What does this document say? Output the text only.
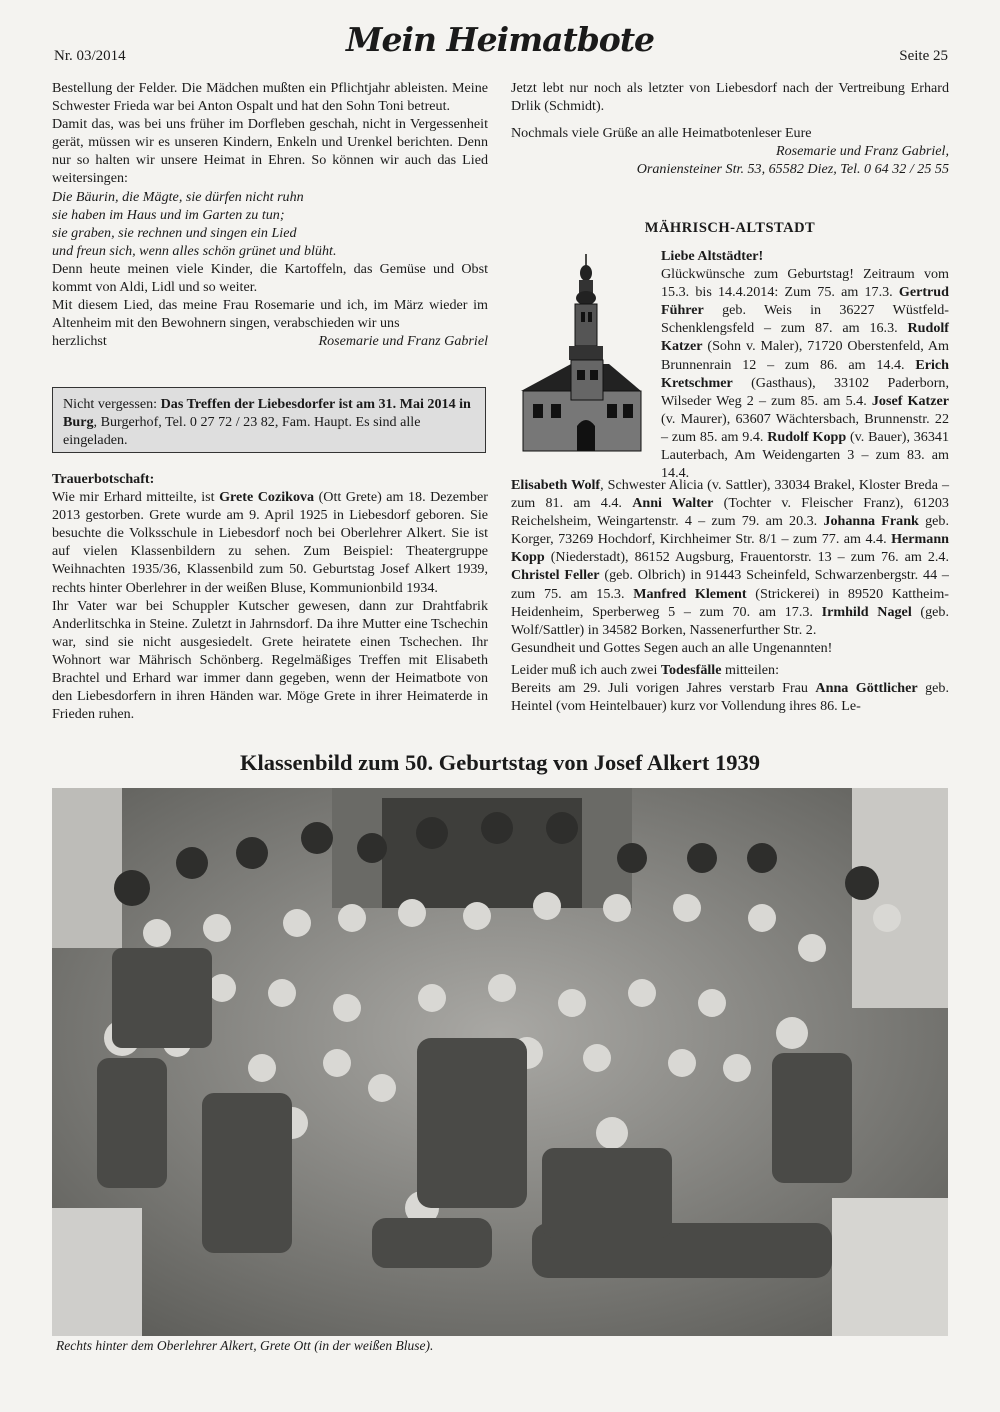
Nr. 03/2014	Mein Heimatbote	Seite 25

Bestellung der Felder. Die Mädchen mußten ein Pflichtjahr ableisten. Meine Schwester Frieda war bei Anton Ospalt und hat den Sohn Toni betreut.

Damit das, was bei uns früher im Dorfleben geschah, nicht in Vergessenheit gerät, müssen wir es unseren Kindern, Enkeln und Urenkel berichten. Denn nur so halten wir unsere Heimat in Ehren. So können wir auch das Lied weitersingen:

Die Bäurin, die Mägte, sie dürfen nicht ruhn

sie haben im Haus und im Garten zu tun;

sie graben, sie rechnen und singen ein Lied

und freun sich, wenn alles schön grünet und blüht.

Denn heute meinen viele Kinder, die Kartoffeln, das Gemüse und Obst kommt von Aldi, Lidl und so weiter.

Mit diesem Lied, das meine Frau Rosemarie und ich, im März wieder im Altenheim mit den Bewohnern singen, verabschieden wir uns

herzlichst	Rosemarie und Franz Gabriel
Nicht vergessen: Das Treffen der Liebesdorfer ist am 31. Mai 2014 in Burg, Burgerhof, Tel. 0 27 72 / 23 82, Fam. Haupt. Es sind alle eingeladen.

Trauerbotschaft:

Wie mir Erhard mitteilte, ist Grete Cozikova (Ott Grete) am 18. Dezember 2013 gestorben. Grete wurde am 9. April 1925 in Liebesdorf geboren. Sie besuchte die Volksschule in Liebesdorf noch bei Oberlehrer Alkert. Sie ist auf vielen Klassenbildern zu sehen. Zum Beispiel: Theatergruppe Weihnachten 1935/36, Klassenbild zum 50. Geburtstag Josef Alkert 1939, rechts hinter Oberlehrer in der weißen Bluse, Kommunionbild 1934.

Ihr Vater war bei Schuppler Kutscher gewesen, dann zur Drahtfabrik Anderlitschka in Steine. Zuletzt in Jahrnsdorf. Da ihre Mutter eine Tschechin war, sind sie nicht ausgesiedelt. Grete heiratete einen Tschechen. Ihr Wohnort war Mährisch Schönberg. Regelmäßiges Treffen mit Elisabeth Brachtel und Erhard war immer dann gegeben, wenn der Heimatbote von den Liebesdorfern in ihren Händen war. Möge Grete in ihrer Heimaterde in Frieden ruhen.

Jetzt lebt nur noch als letzter von Liebesdorf nach der Vertreibung Erhard Drlik (Schmidt).

Nochmals viele Grüße an alle Heimatbotenleser Eure

Rosemarie und Franz Gabriel,

Oraniensteiner Str. 53, 65582 Diez, Tel. 0 64 32 / 25 55

MÄHRISCH-ALTSTADT

Liebe Altstädter!

Glückwünsche zum Geburtstag! Zeitraum vom 15.3. bis 14.4.2014: Zum 75. am 17.3. Gertrud Führer geb. Weis in 36227 Wüstfeld-Schenklengsfeld – zum 87. am 16.3. Rudolf Katzer (Sohn v. Maler), 71720 Oberstenfeld, Am Brunnenrain 12 – zum 86. am 14.4. Erich Kretschmer (Gasthaus), 33102 Paderborn, Wilseder Weg 2 – zum 85. am 5.4. Josef Katzer (v. Maurer), 63607 Wächtersbach, Brunnenstr. 22 – zum 85. am 9.4. Rudolf Kopp (v. Bauer), 36341 Lauterbach, Am Weidengarten 3 – zum 83. am 14.4.

Elisabeth Wolf, Schwester Alicia (v. Sattler), 33034 Brakel, Kloster Breda – zum 81. am 4.4. Anni Walter (Tochter v. Fleischer Franz), 61203 Reichelsheim, Weingartenstr. 4 – zum 79. am 20.3. Johanna Frank geb. Korger, 73269 Hochdorf, Kirchheimer Str. 8/1 – zum 77. am 4.4. Hermann Kopp (Niederstadt), 86152 Augsburg, Frauentorstr. 13 – zum 76. am 2.4. Christel Feller (geb. Olbrich) in 91443 Scheinfeld, Schwarzenbergstr. 44 – zum 75. am 15.3. Manfred Klement (Strickerei) in 89520 Kattheim-Heidenheim, Sperberweg 5 – zum 70. am 17.3. Irmhild Nagel (geb. Wolf/Sattler) in 34582 Borken, Nassenerfurther Str. 2.

Gesundheit und Gottes Segen auch an alle Ungenannten!

Leider muß ich auch zwei Todesfälle mitteilen:

Bereits am 29. Juli vorigen Jahres verstarb Frau Anna Göttlicher geb. Heintel (vom Heintelbauer) kurz vor Vollendung ihres 86. Le-

Klassenbild zum 50. Geburtstag von Josef Alkert 1939
Rechts hinter dem Oberlehrer Alkert, Grete Ott (in der weißen Bluse).
